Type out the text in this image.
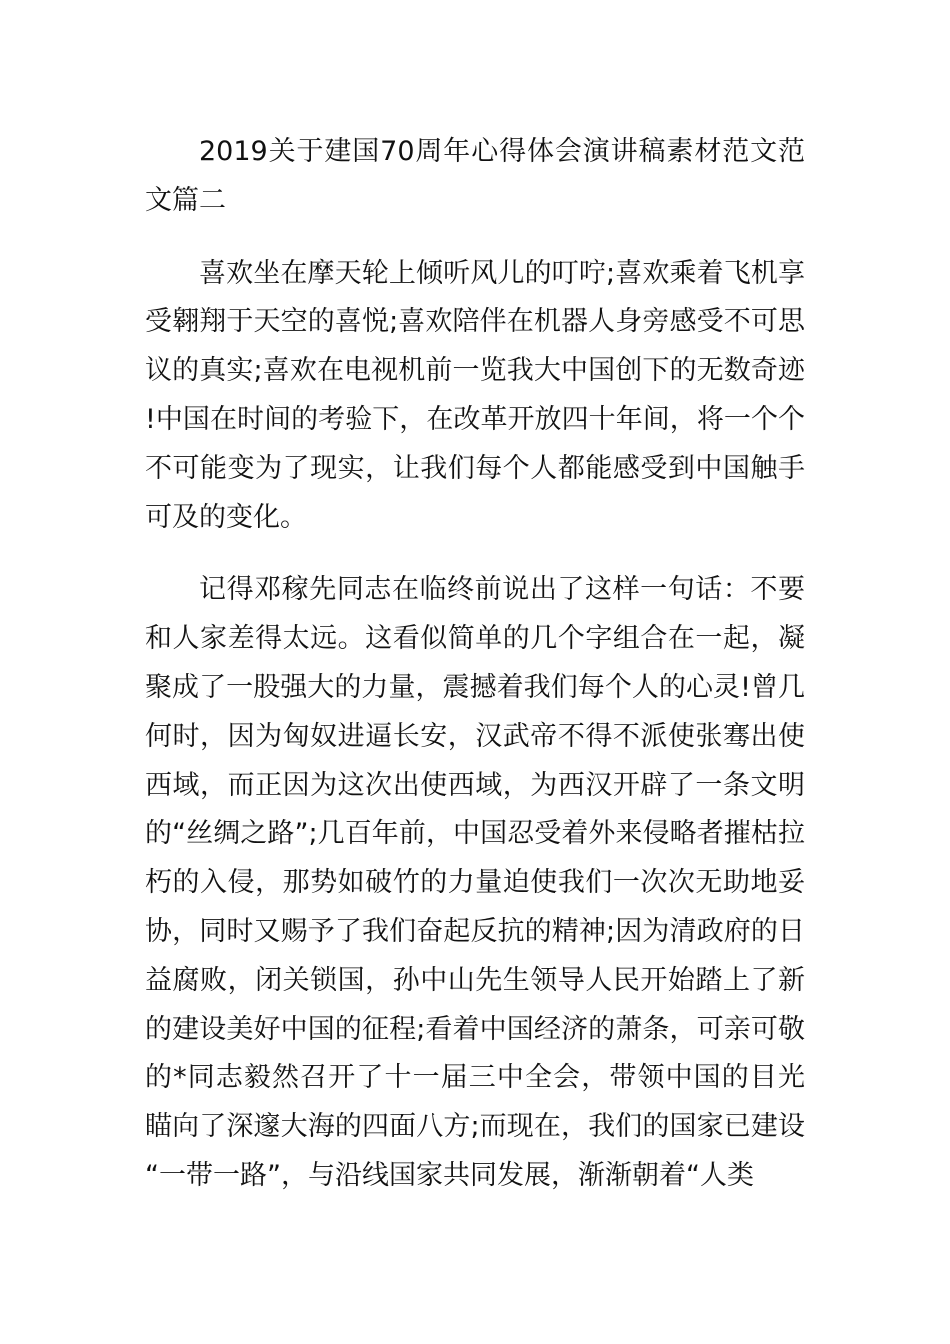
2019关于建国70周年心得体会演讲稿素材范文范文篇二

喜欢坐在摩天轮上倾听风儿的叮咛;喜欢乘着飞机享受翱翔于天空的喜悦;喜欢陪伴在机器人身旁感受不可思议的真实;喜欢在电视机前一览我大中国创下的无数奇迹!中国在时间的考验下，在改革开放四十年间，将一个个不可能变为了现实，让我们每个人都能感受到中国触手可及的变化。

记得邓稼先同志在临终前说出了这样一句话：不要和人家差得太远。这看似简单的几个字组合在一起，凝聚成了一股强大的力量，震撼着我们每个人的心灵!曾几何时，因为匈奴进逼长安，汉武帝不得不派使张骞出使西域，而正因为这次出使西域，为西汉开辟了一条文明的“丝绸之路”;几百年前，中国忍受着外来侵略者摧枯拉朽的入侵，那势如破竹的力量迫使我们一次次无助地妥协，同时又赐予了我们奋起反抗的精神;因为清政府的日益腐败，闭关锁国，孙中山先生领导人民开始踏上了新的建设美好中国的征程;看着中国经济的萧条，可亲可敬的*同志毅然召开了十一届三中全会，带领中国的目光瞄向了深邃大海的四面八方;而现在，我们的国家已建设“一带一路”，与沿线国家共同发展，渐渐朝着“人类
